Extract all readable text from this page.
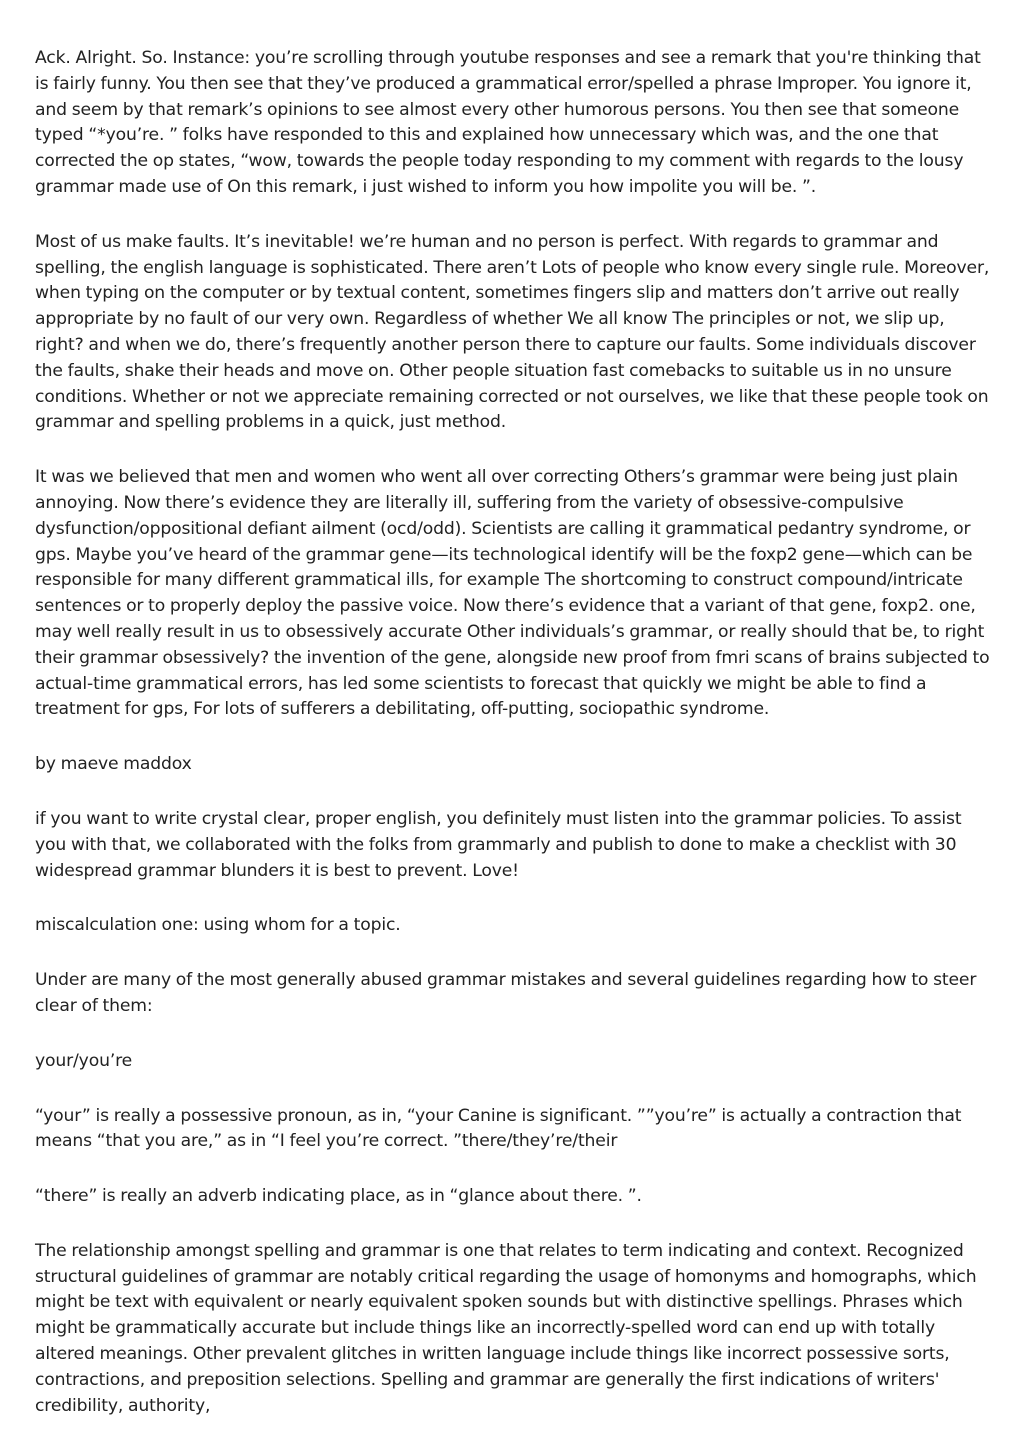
Ack. Alright. So. Instance: you’re scrolling through youtube responses and see a remark that you're thinking that is fairly funny. You then see that they’ve produced a grammatical error/spelled a phrase Improper. You ignore it, and seem by that remark’s opinions to see almost every other humorous persons. You then see that someone typed “*you’re. ” folks have responded to this and explained how unnecessary which was, and the one that corrected the op states, “wow, towards the people today responding to my comment with regards to the lousy grammar made use of On this remark, i just wished to inform you how impolite you will be. ”.

Most of us make faults. It’s inevitable! we’re human and no person is perfect. With regards to grammar and spelling, the english language is sophisticated. There aren’t Lots of people who know every single rule. Moreover, when typing on the computer or by textual content, sometimes fingers slip and matters don’t arrive out really appropriate by no fault of our very own. Regardless of whether We all know The principles or not, we slip up, right? and when we do, there’s frequently another person there to capture our faults. Some individuals discover the faults, shake their heads and move on. Other people situation fast comebacks to suitable us in no unsure conditions. Whether or not we appreciate remaining corrected or not ourselves, we like that these people took on grammar and spelling problems in a quick, just method.

It was we believed that men and women who went all over correcting Others’s grammar were being just plain annoying. Now there’s evidence they are literally ill, suffering from the variety of obsessive-compulsive dysfunction/oppositional defiant ailment (ocd/odd). Scientists are calling it grammatical pedantry syndrome, or gps. Maybe you’ve heard of the grammar gene—its technological identify will be the foxp2 gene—which can be responsible for many different grammatical ills, for example The shortcoming to construct compound/intricate sentences or to properly deploy the passive voice. Now there’s evidence that a variant of that gene, foxp2. one, may well really result in us to obsessively accurate Other individuals’s grammar, or really should that be, to right their grammar obsessively? the invention of the gene, alongside new proof from fmri scans of brains subjected to actual-time grammatical errors, has led some scientists to forecast that quickly we might be able to find a treatment for gps, For lots of sufferers a debilitating, off-putting, sociopathic syndrome.

by maeve maddox

if you want to write crystal clear, proper english, you definitely must listen into the grammar policies. To assist you with that, we collaborated with the folks from grammarly and publish to done to make a checklist with 30 widespread grammar blunders it is best to prevent. Love!

miscalculation one: using whom for a topic.

Under are many of the most generally abused grammar mistakes and several guidelines regarding how to steer clear of them:

your/you’re

“your” is really a possessive pronoun, as in, “your Canine is significant. ””you’re” is actually a contraction that means “that you are,” as in “I feel you’re correct. ”there/they’re/their

“there” is really an adverb indicating place, as in “glance about there. ”.

The relationship amongst spelling and grammar is one that relates to term indicating and context. Recognized structural guidelines of grammar are notably critical regarding the usage of homonyms and homographs, which might be text with equivalent or nearly equivalent spoken sounds but with distinctive spellings. Phrases which might be grammatically accurate but include things like an incorrectly-spelled word can end up with totally altered meanings. Other prevalent glitches in written language include things like incorrect possessive sorts, contractions, and preposition selections. Spelling and grammar are generally the first indications of writers' credibility, authority,
